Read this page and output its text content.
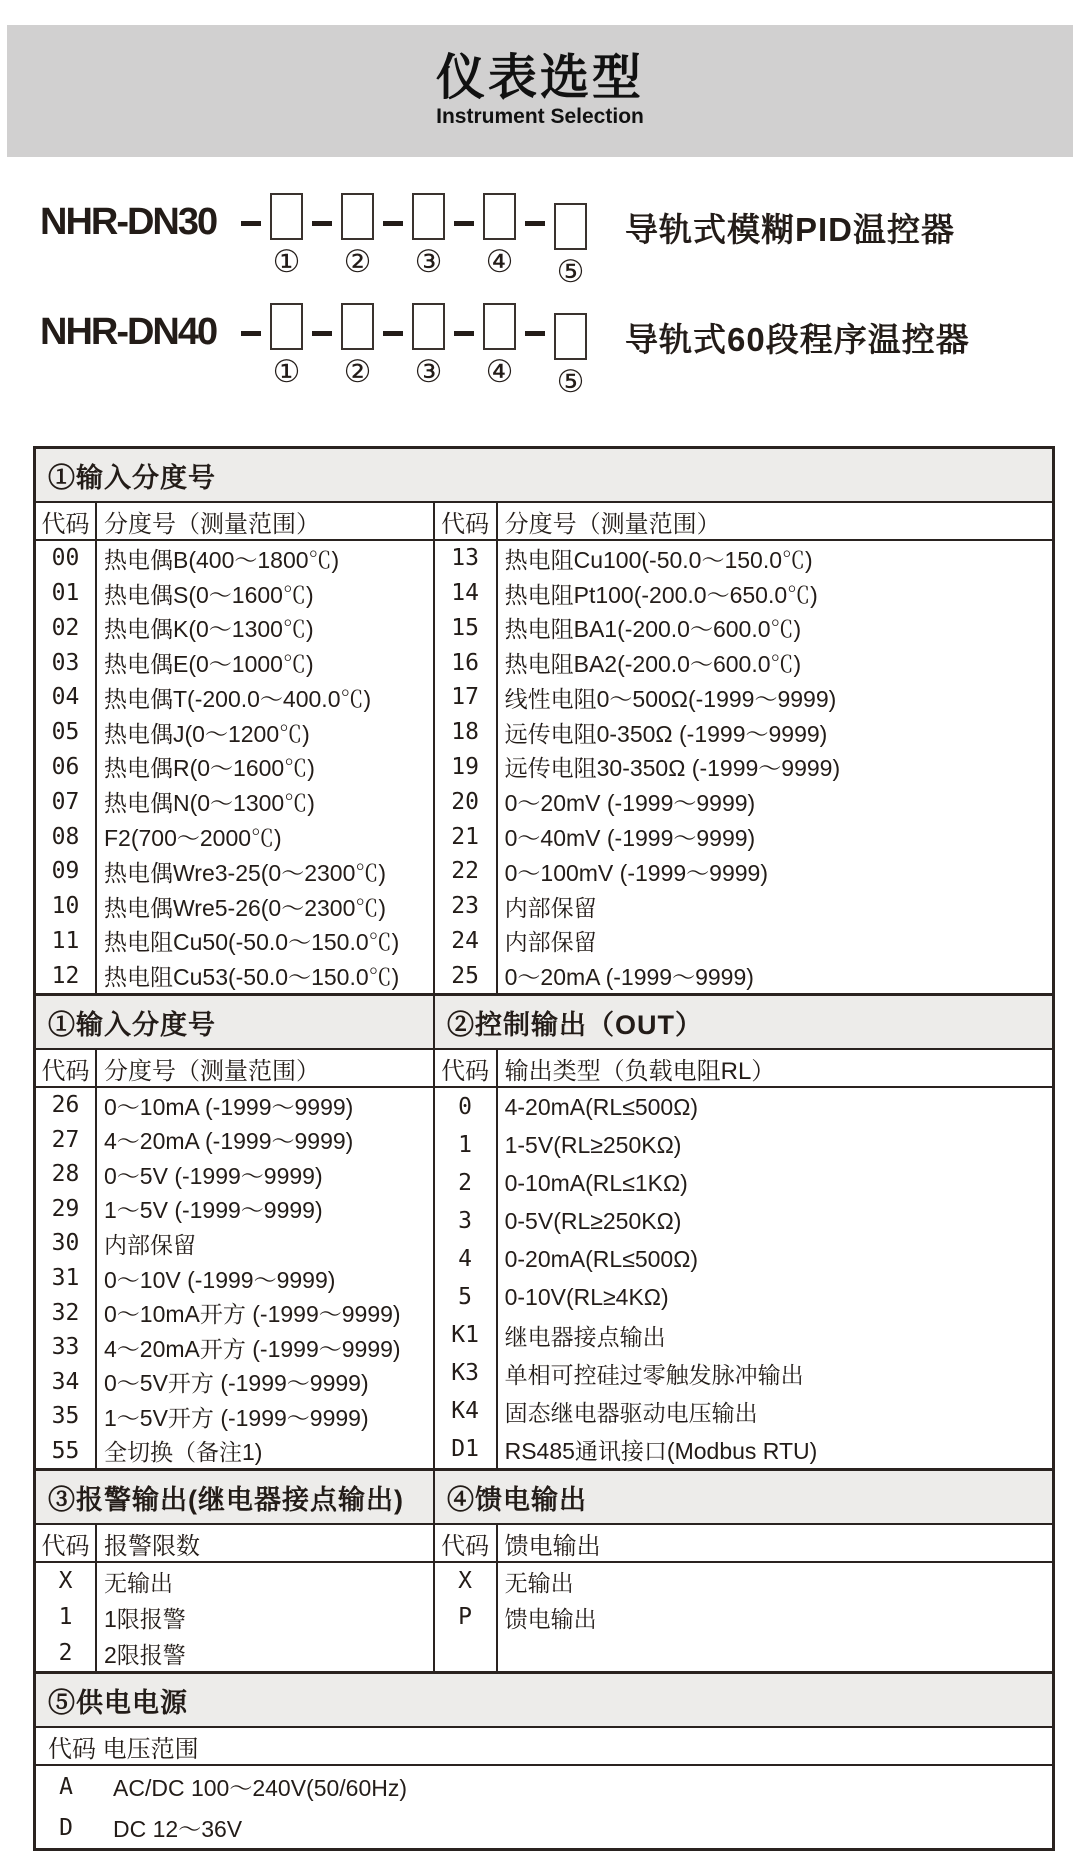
仪表选型
Instrument Selection
NHR-DN30
① ② ③ ④ ⑤
导轨式模糊PID温控器
NHR-DN40
① ② ③ ④ ⑤
导轨式60段程序温控器
①输入分度号
代码 分度号（测量范围）
00	热电偶B(400～1800℃)
01	热电偶S(0～1600℃)
02	热电偶K(0～1300℃)
03	热电偶E(0～1000℃)
04	热电偶T(-200.0～400.0℃)
05	热电偶J(0～1200℃)
06	热电偶R(0～1600℃)
07	热电偶N(0～1300℃)
08	F2(700～2000℃)
09	热电偶Wre3-25(0～2300℃)
10	热电偶Wre5-26(0～2300℃)
11	热电阻Cu50(-50.0～150.0℃)
12	热电阻Cu53(-50.0～150.0℃)
代码 分度号（测量范围）
13	热电阻Cu100(-50.0～150.0℃)
14	热电阻Pt100(-200.0～650.0℃)
15	热电阻BA1(-200.0～600.0℃)
16	热电阻BA2(-200.0～600.0℃)
17	线性电阻0～500Ω(-1999～9999)
18	远传电阻0-350Ω (-1999～9999)
19	远传电阻30-350Ω (-1999～9999)
20	0～20mV (-1999～9999)
21	0～40mV (-1999～9999)
22	0～100mV (-1999～9999)
23	内部保留
24	内部保留
25	0～20mA (-1999～9999)
①输入分度号	②控制输出（OUT）
代码 分度号（测量范围）
26	0～10mA (-1999～9999)
27	4～20mA (-1999～9999)
28	0～5V (-1999～9999)
29	1～5V (-1999～9999)
30	内部保留
31	0～10V (-1999～9999)
32	0～10mA开方 (-1999～9999)
33	4～20mA开方 (-1999～9999)
34	0～5V开方 (-1999～9999)
35	1～5V开方 (-1999～9999)
55	全切换（备注1)
代码 输出类型（负载电阻RL）
0	4-20mA(RL≤500Ω)
1	1-5V(RL≥250KΩ)
2	0-10mA(RL≤1KΩ)
3	0-5V(RL≥250KΩ)
4	0-20mA(RL≤500Ω)
5	0-10V(RL≥4KΩ)
K1	继电器接点输出
K3	单相可控硅过零触发脉冲输出
K4	固态继电器驱动电压输出
D1	RS485通讯接口(Modbus RTU)
③报警输出(继电器接点输出)	④馈电输出
代码 报警限数
X	无输出
1	1限报警
2	2限报警
代码 馈电输出
X	无输出
P	馈电输出
⑤供电电源
代码 电压范围
A	AC/DC 100～240V(50/60Hz)
D	DC 12～36V
